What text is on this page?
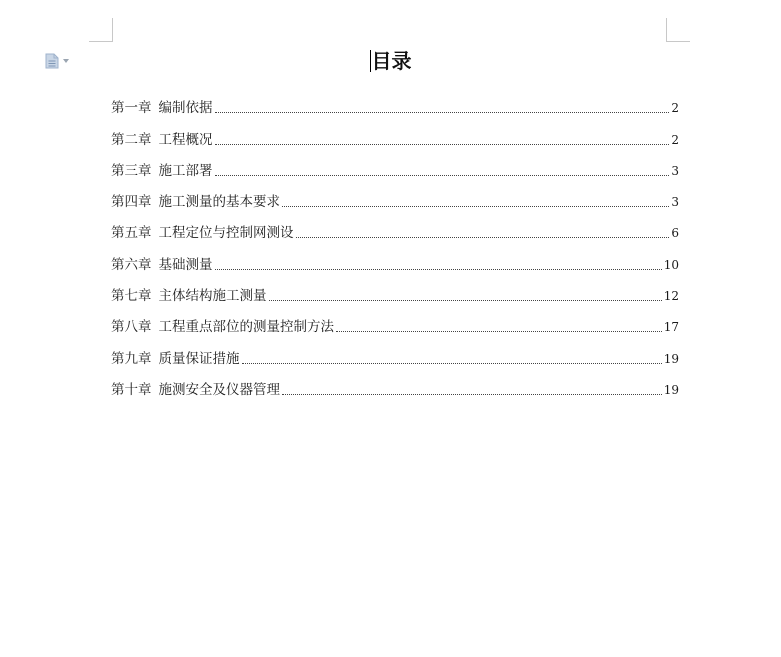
目录
第一章 编制依据	2
第二章 工程概况	2
第三章 施工部署	3
第四章 施工测量的基本要求	3
第五章 工程定位与控制网测设	6
第六章 基础测量	10
第七章 主体结构施工测量	12
第八章 工程重点部位的测量控制方法	17
第九章 质量保证措施	19
第十章 施测安全及仪器管理	19
